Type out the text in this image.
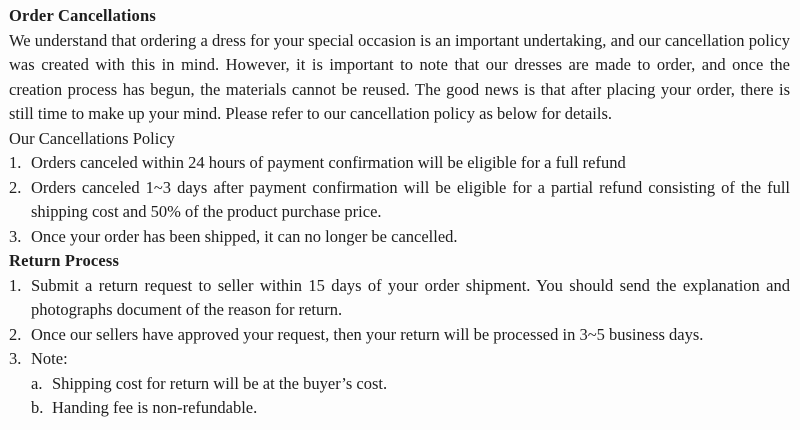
Order Cancellations
We understand that ordering a dress for your special occasion is an important undertaking, and our cancellation policy was created with this in mind. However, it is important to note that our dresses are made to order, and once the creation process has begun, the materials cannot be reused. The good news is that after placing your order, there is still time to make up your mind. Please refer to our cancellation policy as below for details.
Our Cancellations Policy
1. Orders canceled within 24 hours of payment confirmation will be eligible for a full refund
2. Orders canceled 1~3 days after payment confirmation will be eligible for a partial refund consisting of the full shipping cost and 50% of the product purchase price.
3. Once your order has been shipped, it can no longer be cancelled.
Return Process
1. Submit a return request to seller within 15 days of your order shipment. You should send the explanation and photographs document of the reason for return.
2. Once our sellers have approved your request, then your return will be processed in 3~5 business days.
3. Note:
a. Shipping cost for return will be at the buyer’s cost.
b. Handing fee is non-refundable.
